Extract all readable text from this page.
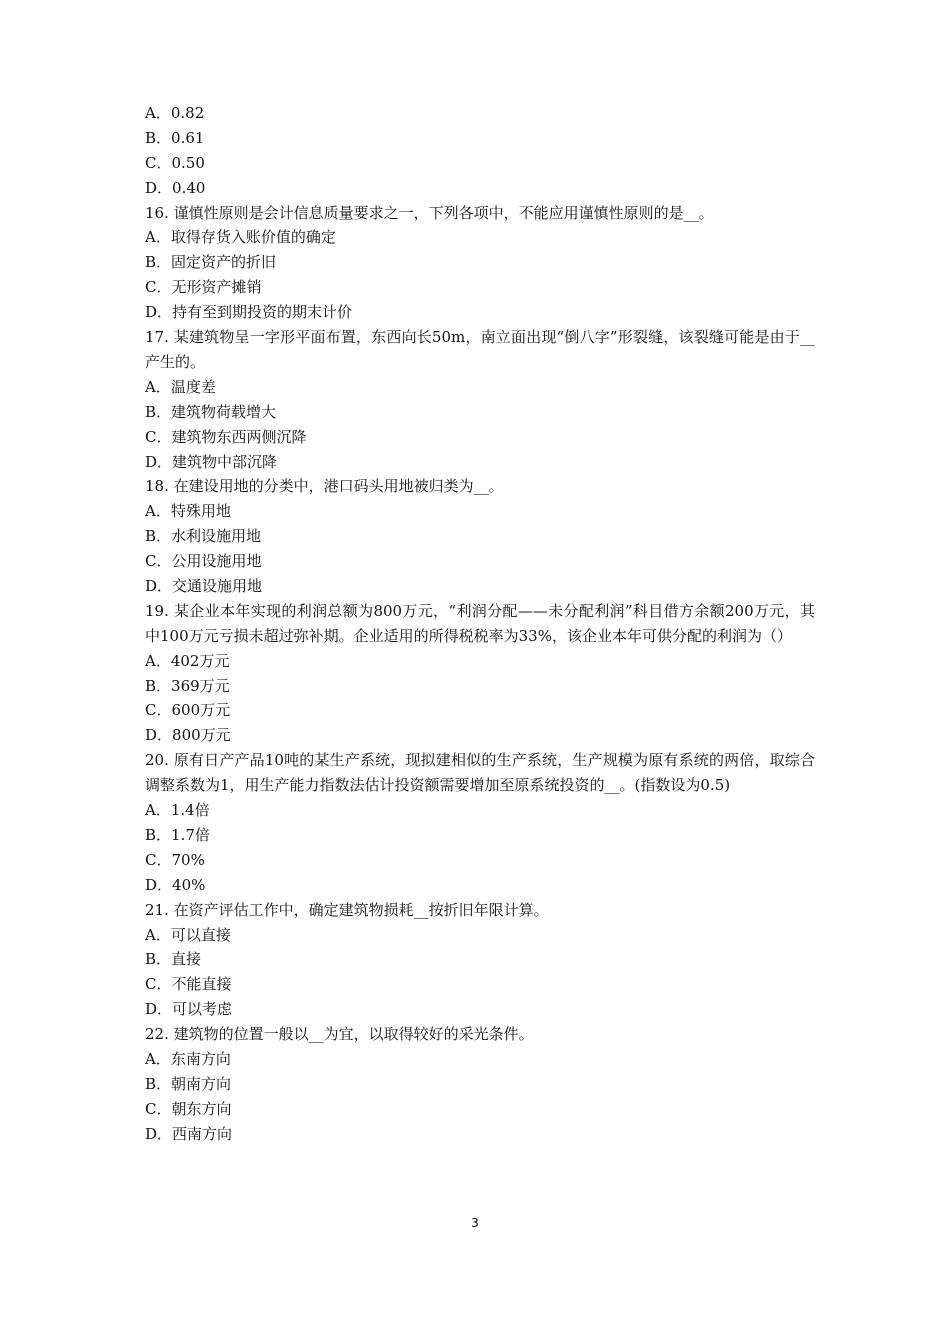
A．0.82
B．0.61
C．0.50
D．0.40
16. 谨慎性原则是会计信息质量要求之一，下列各项中，不能应用谨慎性原则的是__。
A．取得存货入账价值的确定
B．固定资产的折旧
C．无形资产摊销
D．持有至到期投资的期末计价
17. 某建筑物呈一字形平面布置，东西向长50m，南立面出现“倒八字”形裂缝，该裂缝可能是由于__产生的。
A．温度差
B．建筑物荷载增大
C．建筑物东西两侧沉降
D．建筑物中部沉降
18. 在建设用地的分类中，港口码头用地被归类为__。
A．特殊用地
B．水利设施用地
C．公用设施用地
D．交通设施用地
19. 某企业本年实现的利润总额为800万元，“利润分配——未分配利润”科目借方余额200万元，其中100万元亏损未超过弥补期。企业适用的所得税税率为33%，该企业本年可供分配的利润为（）
A．402万元
B．369万元
C．600万元
D．800万元
20. 原有日产产品10吨的某生产系统，现拟建相似的生产系统，生产规模为原有系统的两倍，取综合调整系数为1，用生产能力指数法估计投资额需要增加至原系统投资的__。(指数设为0.5)
A．1.4倍
B．1.7倍
C．70%
D．40%
21. 在资产评估工作中，确定建筑物损耗__按折旧年限计算。
A．可以直接
B．直接
C．不能直接
D．可以考虑
22. 建筑物的位置一般以__为宜，以取得较好的采光条件。
A．东南方向
B．朝南方向
C．朝东方向
D．西南方向
3
